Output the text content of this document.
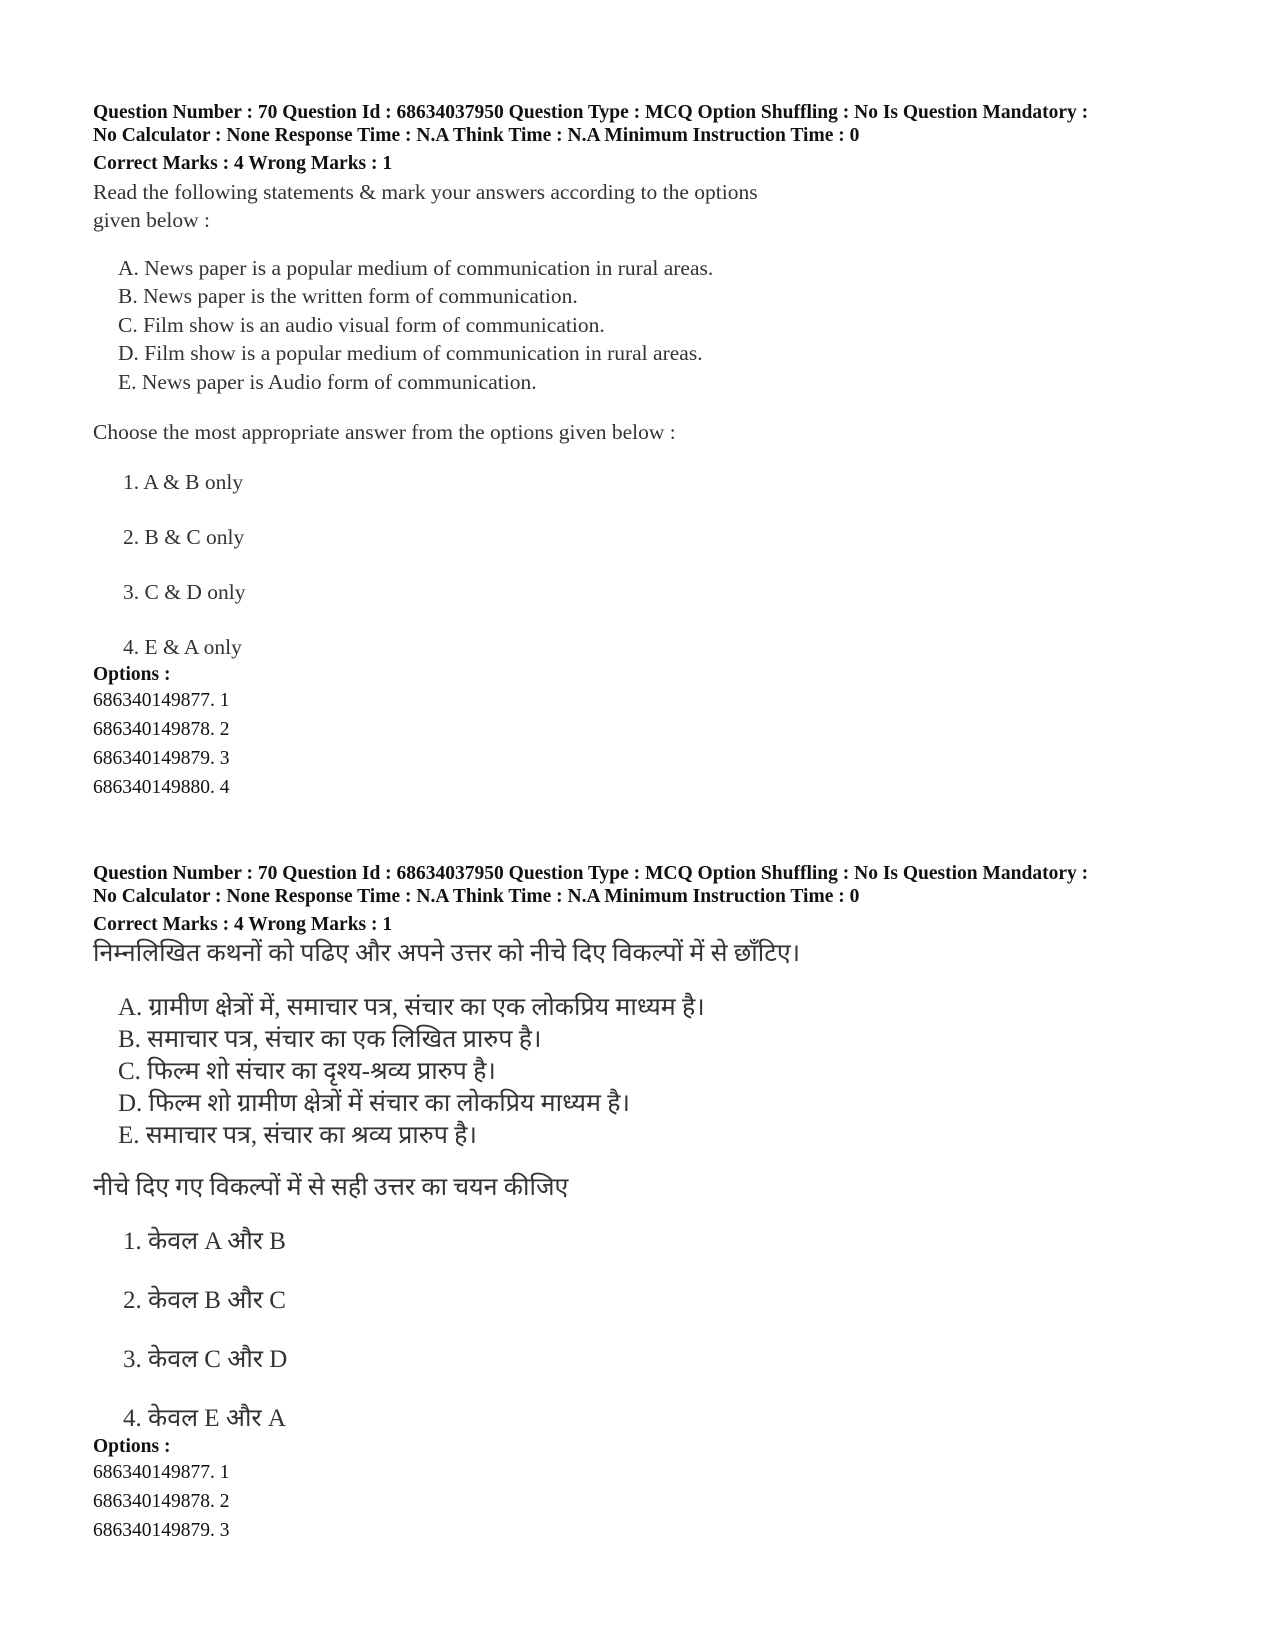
Question Number : 70 Question Id : 68634037950 Question Type : MCQ Option Shuffling : No Is Question Mandatory :
No Calculator : None Response Time : N.A Think Time : N.A Minimum Instruction Time : 0
Correct Marks : 4 Wrong Marks : 1
Read the following statements & mark your answers according to the options
given below :
A. News paper is a popular medium of communication in rural areas.
B. News paper is the written form of communication.
C. Film show is an audio visual form of communication.
D. Film show is a popular medium of communication in rural areas.
E. News paper is Audio form of communication.
Choose the most appropriate answer from the options given below :
1. A & B only
2. B & C only
3. C & D only
4. E & A only
Options :
686340149877. 1
686340149878. 2
686340149879. 3
686340149880. 4
Question Number : 70 Question Id : 68634037950 Question Type : MCQ Option Shuffling : No Is Question Mandatory :
No Calculator : None Response Time : N.A Think Time : N.A Minimum Instruction Time : 0
Correct Marks : 4 Wrong Marks : 1
निम्नलिखित कथनों को पढिए और अपने उत्तर को नीचे दिए विकल्पों में से छाँटिए।
A. ग्रामीण क्षेत्रों में, समाचार पत्र, संचार का एक लोकप्रिय माध्यम है।
B. समाचार पत्र, संचार का एक लिखित प्रारुप है।
C. फिल्म शो संचार का दृश्य-श्रव्य प्रारुप है।
D. फिल्म शो ग्रामीण क्षेत्रों में संचार का लोकप्रिय माध्यम है।
E. समाचार पत्र, संचार का श्रव्य प्रारुप है।
नीचे दिए गए विकल्पों में से सही उत्तर का चयन कीजिए
1. केवल A और B
2. केवल B और C
3. केवल C और D
4. केवल E और A
Options :
686340149877. 1
686340149878. 2
686340149879. 3
